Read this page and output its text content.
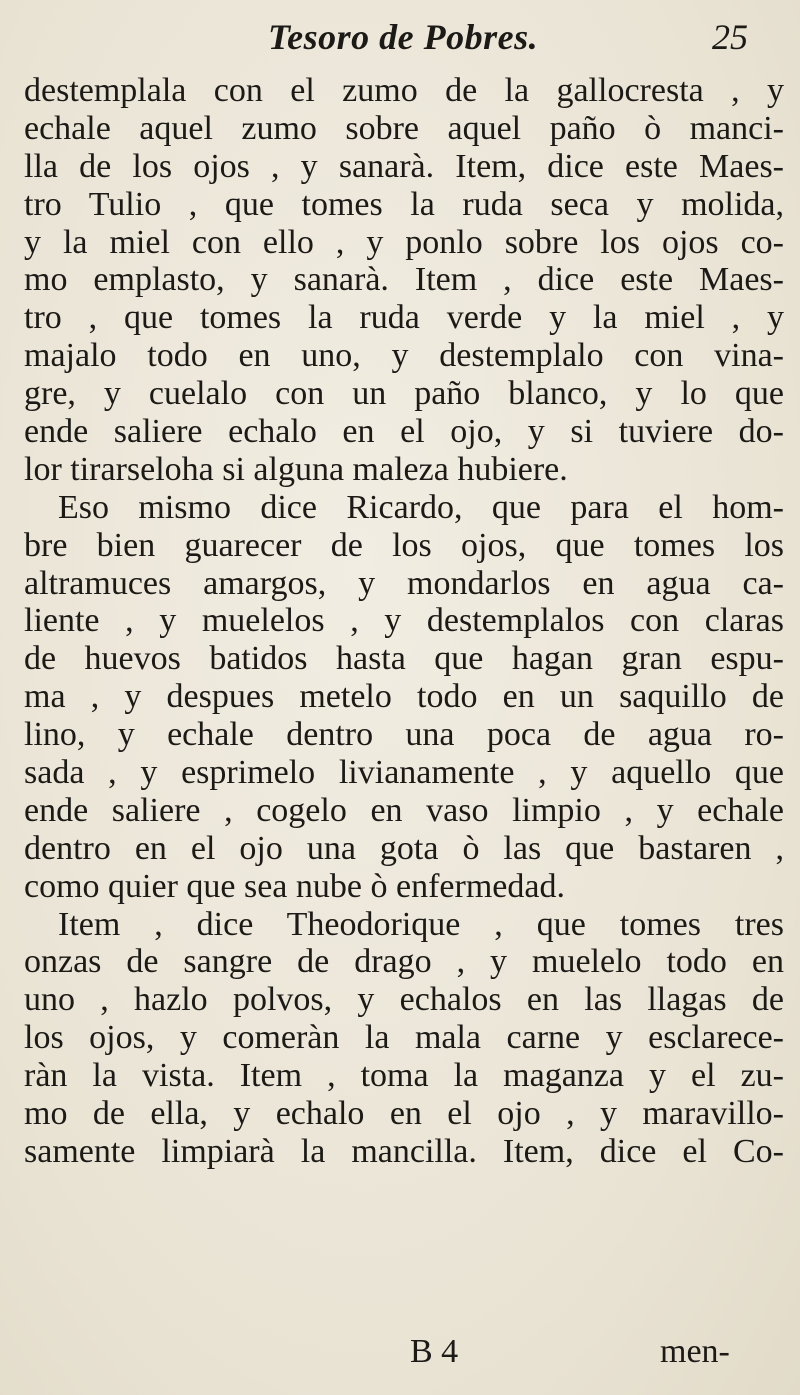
Tesoro de Pobres.	25
destemplala con el zumo de la gallocresta , y
echale aquel zumo sobre aquel paño ò manci-
lla de los ojos , y sanarà. Item, dice este Maes-
tro Tulio , que tomes la ruda seca y molida,
y la miel con ello , y ponlo sobre los ojos co-
mo emplasto, y sanarà. Item , dice este Maes-
tro , que tomes la ruda verde y la miel , y
majalo todo en uno, y destemplalo con vina-
gre, y cuelalo con un paño blanco, y lo que
ende saliere echalo en el ojo, y si tuviere do-
lor tirarseloha si alguna maleza hubiere.
Eso mismo dice Ricardo, que para el hom-
bre bien guarecer de los ojos, que tomes los
altramuces amargos, y mondarlos en agua ca-
liente , y muelelos , y destemplalos con claras
de huevos batidos hasta que hagan gran espu-
ma , y despues metelo todo en un saquillo de
lino, y echale dentro una poca de agua ro-
sada , y esprimelo livianamente , y aquello que
ende saliere , cogelo en vaso limpio , y echale
dentro en el ojo una gota ò las que bastaren ,
como quier que sea nube ò enfermedad.
Item , dice Theodorique , que tomes tres
onzas de sangre de drago , y muelelo todo en
uno , hazlo polvos, y echalos en las llagas de
los ojos, y comeràn la mala carne y esclarece-
ràn la vista. Item , toma la maganza y el zu-
mo de ella, y echalo en el ojo , y maravillo-
samente limpiarà la mancilla. Item, dice el Co-
B 4	men-
